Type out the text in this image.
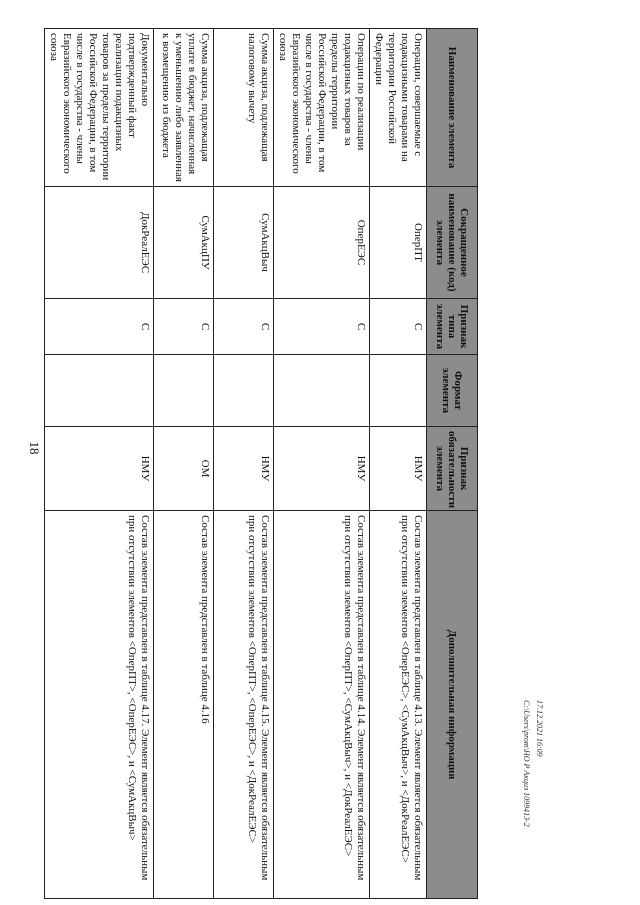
18
Наименование элемента	Сокращенное наименование (код) элемента	Признак типа элемента	Формат элемента	Признак обязательности элемента	Дополнительная информация
Операции, совершаемые с подакцизными товарами на территории Российской Федерации	ОперПТ	С		НМУ	Состав элемента представлен в таблице 4.13. Элемент является обязательным при отсутствии элементов <ОперЕЭС>, <СумАкцВыч>, и <ДокРеалЕЭС>
Операции по реализации подакцизных товаров за пределы территории Российской Федерации, в том числе в государства - члены Евразийского экономического союза	ОперЕЭС	С		НМУ	Состав элемента представлен в таблице 4.14. Элемент является обязательным при отсутствии элементов <ОперПТ>, <СумАкцВыч>, и <ДокРеалЕЭС>
Сумма акциза, подлежащая налоговому вычету	СумАкцВыч	С		НМУ	Состав элемента представлен в таблице 4.15. Элемент является обязательным при отсутствии элементов <ОперПТ>, <ОперЕЭС>, и <ДокРеалЕЭС>
Сумма акциза, подлежащая уплате в бюджет, начисленная к уменьшению либо заявленная к возмещению из бюджета	СумАкцПУ	С		ОМ	Состав элемента представлен в таблице 4.16
Документально подтвержденный факт реализации подакцизных товаров за пределы территории Российской Федерации, в том числе в государства - члены Евразийского экономического союза	ДокРеалЕЭС	С		НМУ	Состав элемента представлен в таблице 4.17. Элемент является обязательным при отсутствии элементов <ОперПТ>, <ОперЕЭС>, и <СумАкцВыч>	17.12.2021 16:09
С:\Users\prom\НО Р Акциз 1099413-2
